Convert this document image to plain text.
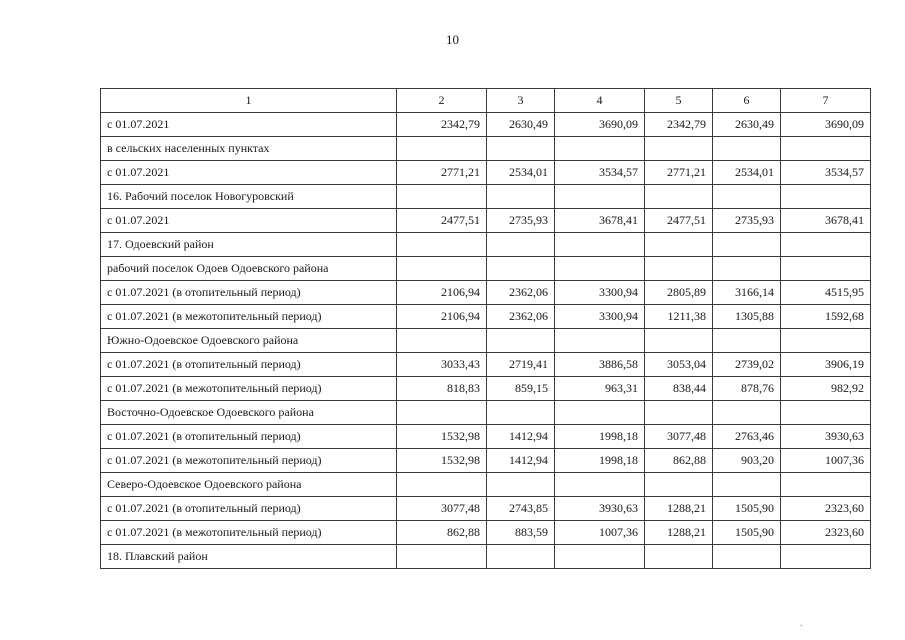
10
1	2	3	4	5	6	7
с 01.07.2021	2342,79	2630,49	3690,09	2342,79	2630,49	3690,09
в сельских населенных пунктах						
с 01.07.2021	2771,21	2534,01	3534,57	2771,21	2534,01	3534,57
16. Рабочий поселок Новогуровский						
с 01.07.2021	2477,51	2735,93	3678,41	2477,51	2735,93	3678,41
17. Одоевский район						
рабочий поселок Одоев Одоевского района						
с 01.07.2021 (в отопительный период)	2106,94	2362,06	3300,94	2805,89	3166,14	4515,95
с 01.07.2021 (в межотопительный период)	2106,94	2362,06	3300,94	1211,38	1305,88	1592,68
Южно-Одоевское Одоевского района						
с 01.07.2021 (в отопительный период)	3033,43	2719,41	3886,58	3053,04	2739,02	3906,19
с 01.07.2021 (в межотопительный период)	818,83	859,15	963,31	838,44	878,76	982,92
Восточно-Одоевское Одоевского района						
с 01.07.2021 (в отопительный период)	1532,98	1412,94	1998,18	3077,48	2763,46	3930,63
с 01.07.2021 (в межотопительный период)	1532,98	1412,94	1998,18	862,88	903,20	1007,36
Северо-Одоевское Одоевского района						
с 01.07.2021 (в отопительный период)	3077,48	2743,85	3930,63	1288,21	1505,90	2323,60
с 01.07.2021 (в межотопительный период)	862,88	883,59	1007,36	1288,21	1505,90	2323,60
18. Плавский район						
.
